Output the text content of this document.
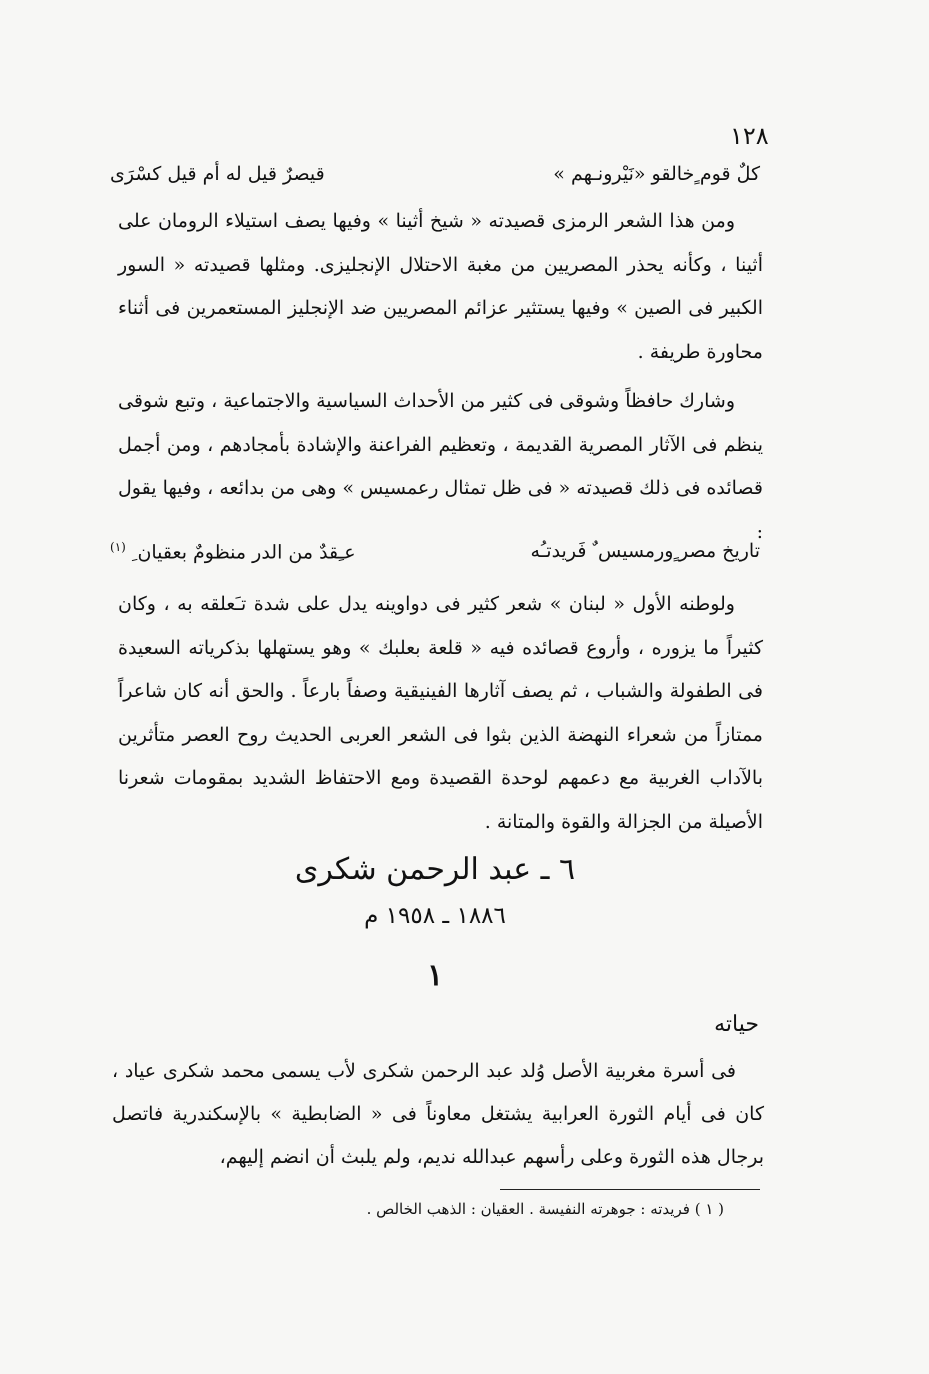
١٢٨
كلٌ قوم ٍخالقو «نَيْرونـهم »
قيصرٌ قيل له أم قيل كسْرَى

ومن هذا الشعر الرمزى قصيدته « شيخ أثينا » وفيها يصف استيلاء الرومان على أثينا ، وكأنه يحذر المصريين من مغبة الاحتلال الإنجليزى. ومثلها قصيدته « السور الكبير فى الصين » وفيها يستثير عزائم المصريين ضد الإنجليز المستعمرين فى أثناء محاورة طريفة .

وشارك حافظاً وشوقى فى كثير من الأحداث السياسية والاجتماعية ، وتبع شوقى ينظم فى الآثار المصرية القديمة ، وتعظيم الفراعنة والإشادة بأمجادهم ، ومن أجمل قصائده فى ذلك قصيدته « فى ظل تمثال رعمسيس » وهى من بدائعه ، وفيها يقول :

تاريخ مصر ٍورمسيس ٌ فَريدتـُه
عـِقدٌ من الدر منظومٌ بعقيان ِ $^{(١)}$

ولوطنه الأول « لبنان » شعر كثير فى دواوينه يدل على شدة تـَعلقه به ، وكان كثيراً ما يزوره ، وأروع قصائده فيه « قلعة بعلبك » وهو يستهلها بذكرياته السعيدة فى الطفولة والشباب ، ثم يصف آثارها الفينيقية وصفاً بارعاً . والحق أنه كان شاعراً ممتازاً من شعراء النهضة الذين بثوا فى الشعر العربى الحديث روح العصر متأثرين بالآداب الغربية مع دعمهم لوحدة القصيدة ومع الاحتفاظ الشديد بمقومات شعرنا الأصيلة من الجزالة والقوة والمتانة .

٦ ـ عبد الرحمن شكرى
١٨٨٦ ـ ١٩٥٨ م
١
حياته

فى أسرة مغربية الأصل وُلد عبد الرحمن شكرى لأب يسمى محمد شكرى عياد ، كان فى أيام الثورة العرابية يشتغل معاوناً فى « الضابطية » بالإسكندرية فاتصل برجال هذه الثورة وعلى رأسهم عبدالله نديم، ولم يلبث أن انضم إليهم،

( ١ ) فريدته : جوهرته النفيسة . العقيان : الذهب الخالص .
